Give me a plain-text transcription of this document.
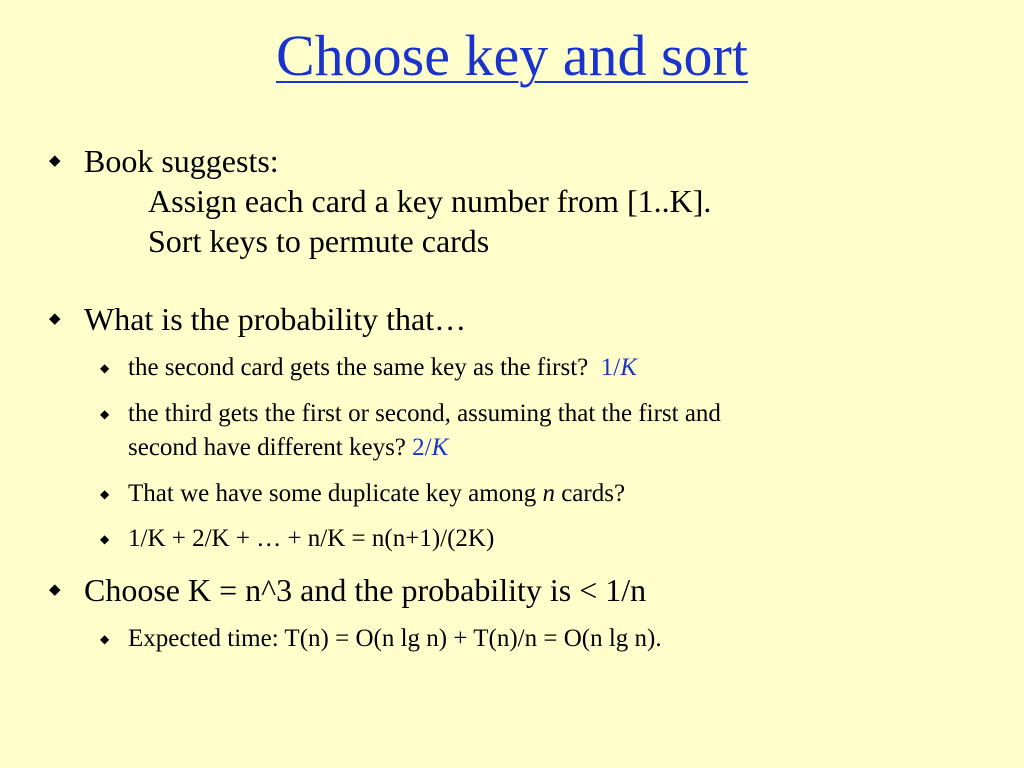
Choose key and sort
◆ Book suggests:
Assign each card a key number from [1..K].
Sort keys to permute cards
◆ What is the probability that…
◆ the second card gets the same key as the first? 1/K
◆ the third gets the first or second, assuming that the first and
second have different keys? 2/K
◆ That we have some duplicate key among n cards?
◆ 1/K + 2/K + … + n/K = n(n+1)/(2K)
◆ Choose K = n^3 and the probability is < 1/n
◆ Expected time: T(n) = O(n lg n) + T(n)/n = O(n lg n).
